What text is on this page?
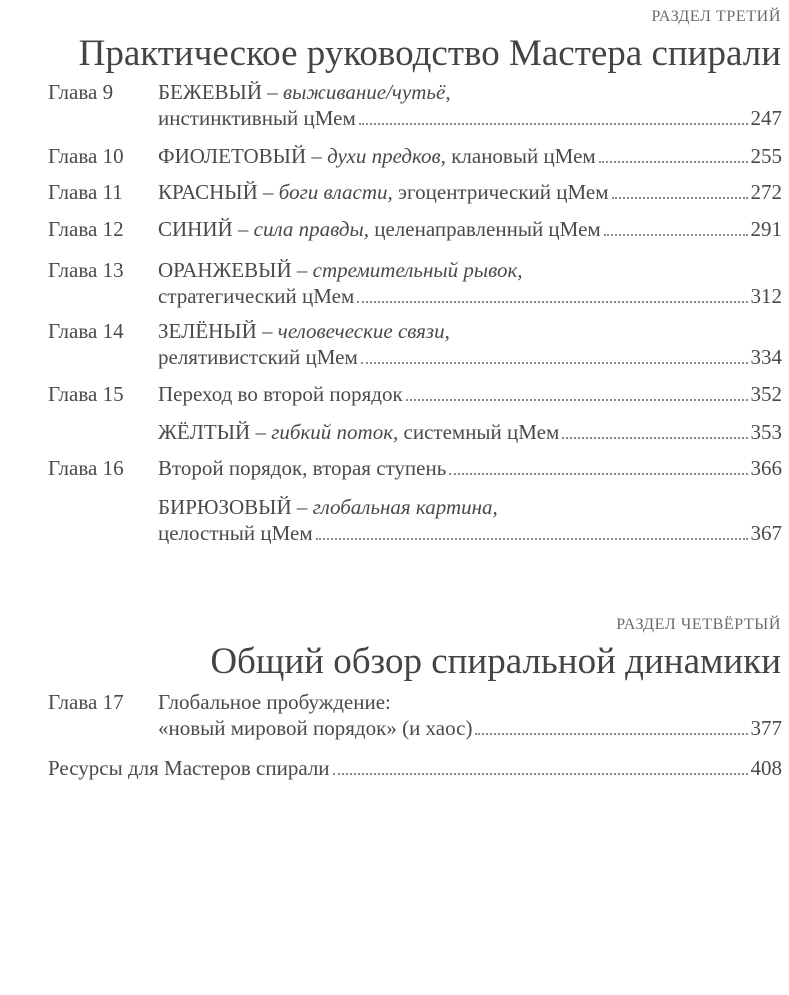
РАЗДЕЛ ТРЕТИЙ
Практическое руководство Мастера спирали
Глава 9 БЕЖЕВЫЙ – выживание/чутьё,
инстинктивный цМем	247
Глава 10 ФИОЛЕТОВЫЙ – духи предков, клановый цМем	255
Глава 11 КРАСНЫЙ – боги власти, эгоцентрический цМем	272
Глава 12 СИНИЙ – сила правды, целенаправленный цМем	291
Глава 13 ОРАНЖЕВЫЙ – стремительный рывок,
стратегический цМем	312
Глава 14 ЗЕЛЁНЫЙ – человеческие связи,
релятивистский цМем	334
Глава 15 Переход во второй порядок	352
ЖЁЛТЫЙ – гибкий поток, системный цМем	353
Глава 16 Второй порядок, вторая ступень	366
БИРЮЗОВЫЙ – глобальная картина,
целостный цМем	367
РАЗДЕЛ ЧЕТВЁРТЫЙ
Общий обзор спиральной динамики
Глава 17 Глобальное пробуждение:
«новый мировой порядок» (и хаос)	377
Ресурсы для Мастеров спирали	408
